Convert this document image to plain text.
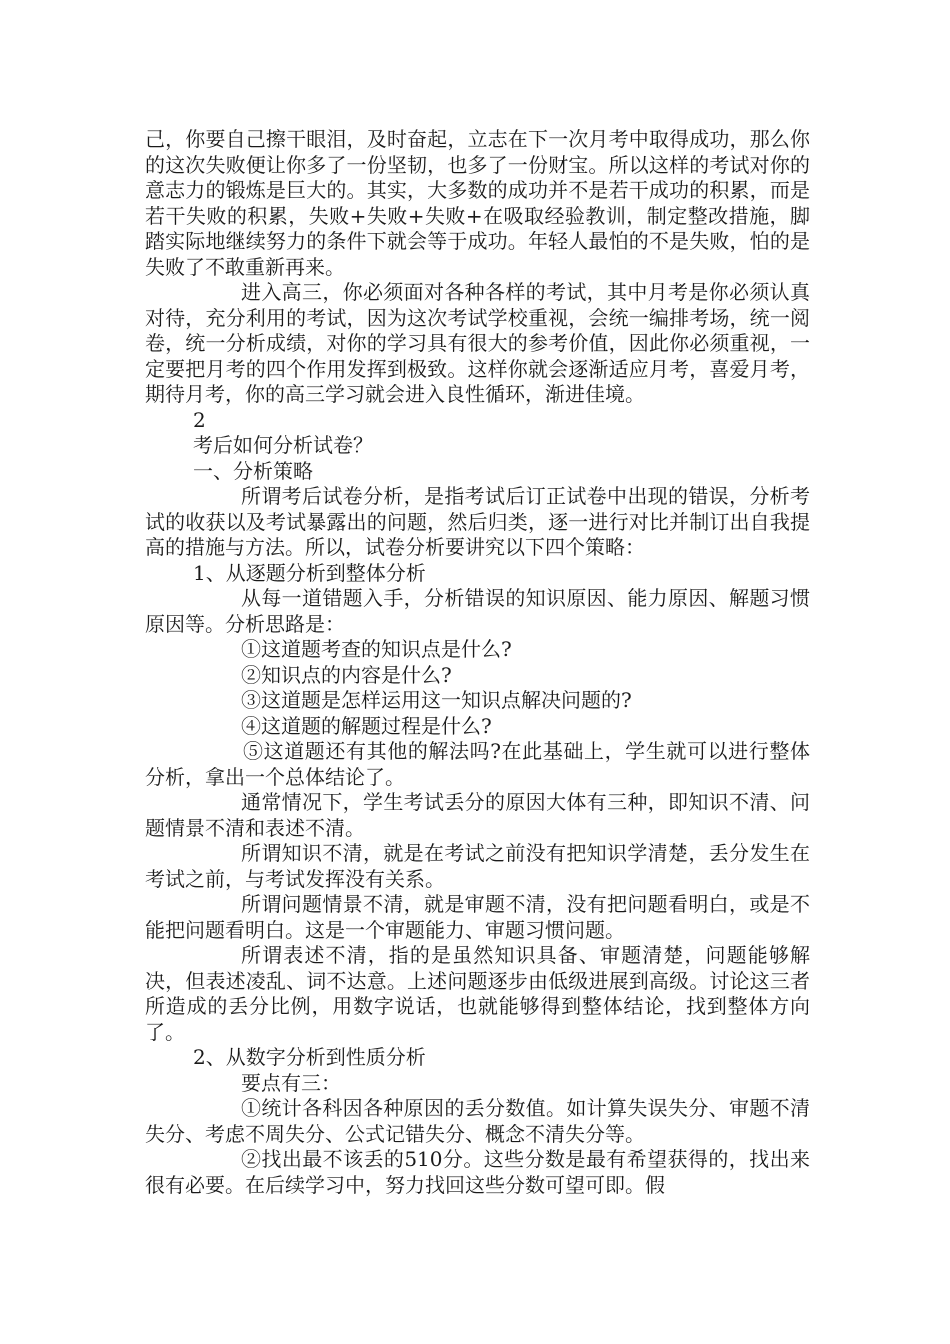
己，你要自己擦干眼泪，及时奋起，立志在下一次月考中取得成功，那么你的这次失败便让你多了一份坚韧，也多了一份财宝。所以这样的考试对你的意志力的锻炼是巨大的。其实，大多数的成功并不是若干成功的积累，而是若干失败的积累，失败+失败+失败+在吸取经验教训，制定整改措施，脚踏实际地继续努力的条件下就会等于成功。年轻人最怕的不是失败，怕的是失败了不敢重新再来。

进入高三，你必须面对各种各样的考试，其中月考是你必须认真对待，充分利用的考试，因为这次考试学校重视，会统一编排考场，统一阅卷，统一分析成绩，对你的学习具有很大的参考价值，因此你必须重视，一定要把月考的四个作用发挥到极致。这样你就会逐渐适应月考，喜爱月考，期待月考，你的高三学习就会进入良性循环，渐进佳境。

2

考后如何分析试卷？

一、分析策略

所谓考后试卷分析，是指考试后订正试卷中出现的错误，分析考试的收获以及考试暴露出的问题，然后归类，逐一进行对比并制订出自我提高的措施与方法。所以，试卷分析要讲究以下四个策略：

1、从逐题分析到整体分析

从每一道错题入手，分析错误的知识原因、能力原因、解题习惯原因等。分析思路是：

①这道题考查的知识点是什么?

②知识点的内容是什么?

③这道题是怎样运用这一知识点解决问题的?

④这道题的解题过程是什么?

⑤这道题还有其他的解法吗?在此基础上，学生就可以进行整体分析，拿出一个总体结论了。

通常情况下，学生考试丢分的原因大体有三种，即知识不清、问题情景不清和表述不清。

所谓知识不清，就是在考试之前没有把知识学清楚，丢分发生在考试之前，与考试发挥没有关系。

所谓问题情景不清，就是审题不清，没有把问题看明白，或是不能把问题看明白。这是一个审题能力、审题习惯问题。

所谓表述不清，指的是虽然知识具备、审题清楚，问题能够解决，但表述凌乱、词不达意。上述问题逐步由低级进展到高级。讨论这三者所造成的丢分比例，用数字说话，也就能够得到整体结论，找到整体方向了。

2、从数字分析到性质分析

要点有三：

①统计各科因各种原因的丢分数值。如计算失误失分、审题不清失分、考虑不周失分、公式记错失分、概念不清失分等。

②找出最不该丢的510分。这些分数是最有希望获得的，找出来很有必要。在后续学习中，努力找回这些分数可望可即。假
